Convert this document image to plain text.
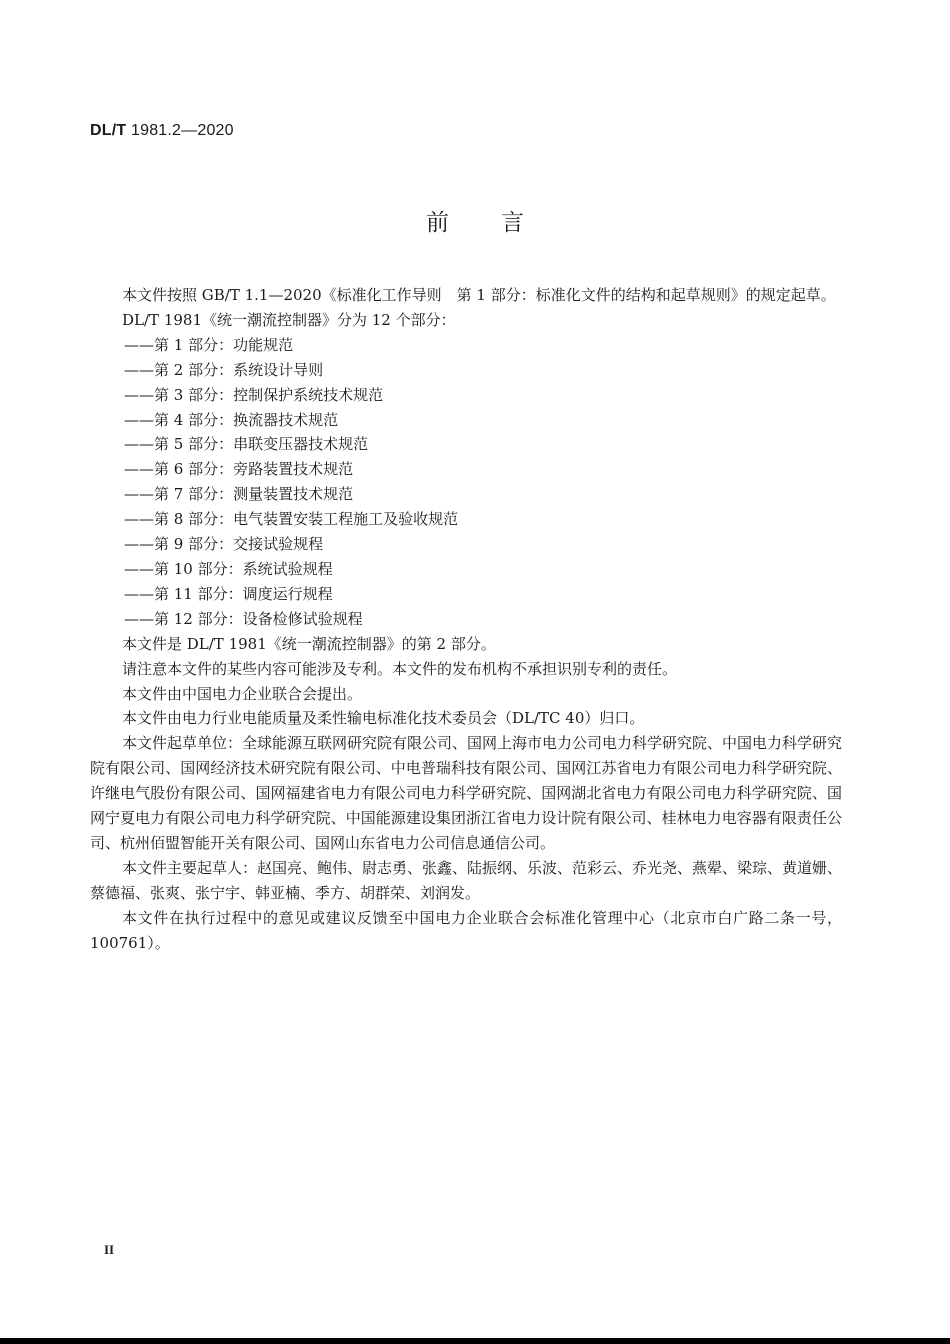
DL/T 1981.2—2020
前言

本文件按照 GB/T 1.1—2020《标准化工作导则　第 1 部分：标准化文件的结构和起草规则》的规定起草。

DL/T 1981《统一潮流控制器》分为 12 个部分：

——第 1 部分：功能规范

——第 2 部分：系统设计导则

——第 3 部分：控制保护系统技术规范

——第 4 部分：换流器技术规范

——第 5 部分：串联变压器技术规范

——第 6 部分：旁路装置技术规范

——第 7 部分：测量装置技术规范

——第 8 部分：电气装置安装工程施工及验收规范

——第 9 部分：交接试验规程

——第 10 部分：系统试验规程

——第 11 部分：调度运行规程

——第 12 部分：设备检修试验规程

本文件是 DL/T 1981《统一潮流控制器》的第 2 部分。

请注意本文件的某些内容可能涉及专利。本文件的发布机构不承担识别专利的责任。

本文件由中国电力企业联合会提出。

本文件由电力行业电能质量及柔性输电标准化技术委员会（DL/TC 40）归口。

本文件起草单位：全球能源互联网研究院有限公司、国网上海市电力公司电力科学研究院、中国电力科学研究院有限公司、国网经济技术研究院有限公司、中电普瑞科技有限公司、国网江苏省电力有限公司电力科学研究院、许继电气股份有限公司、国网福建省电力有限公司电力科学研究院、国网湖北省电力有限公司电力科学研究院、国网宁夏电力有限公司电力科学研究院、中国能源建设集团浙江省电力设计院有限公司、桂林电力电容器有限责任公司、杭州佰盟智能开关有限公司、国网山东省电力公司信息通信公司。

本文件主要起草人：赵国亮、鲍伟、尉志勇、张鑫、陆振纲、乐波、范彩云、乔光尧、燕翚、梁琮、黄道姗、蔡德福、张爽、张宁宇、韩亚楠、季方、胡群荣、刘润发。

本文件在执行过程中的意见或建议反馈至中国电力企业联合会标准化管理中心（北京市白广路二条一号，100761）。

II
